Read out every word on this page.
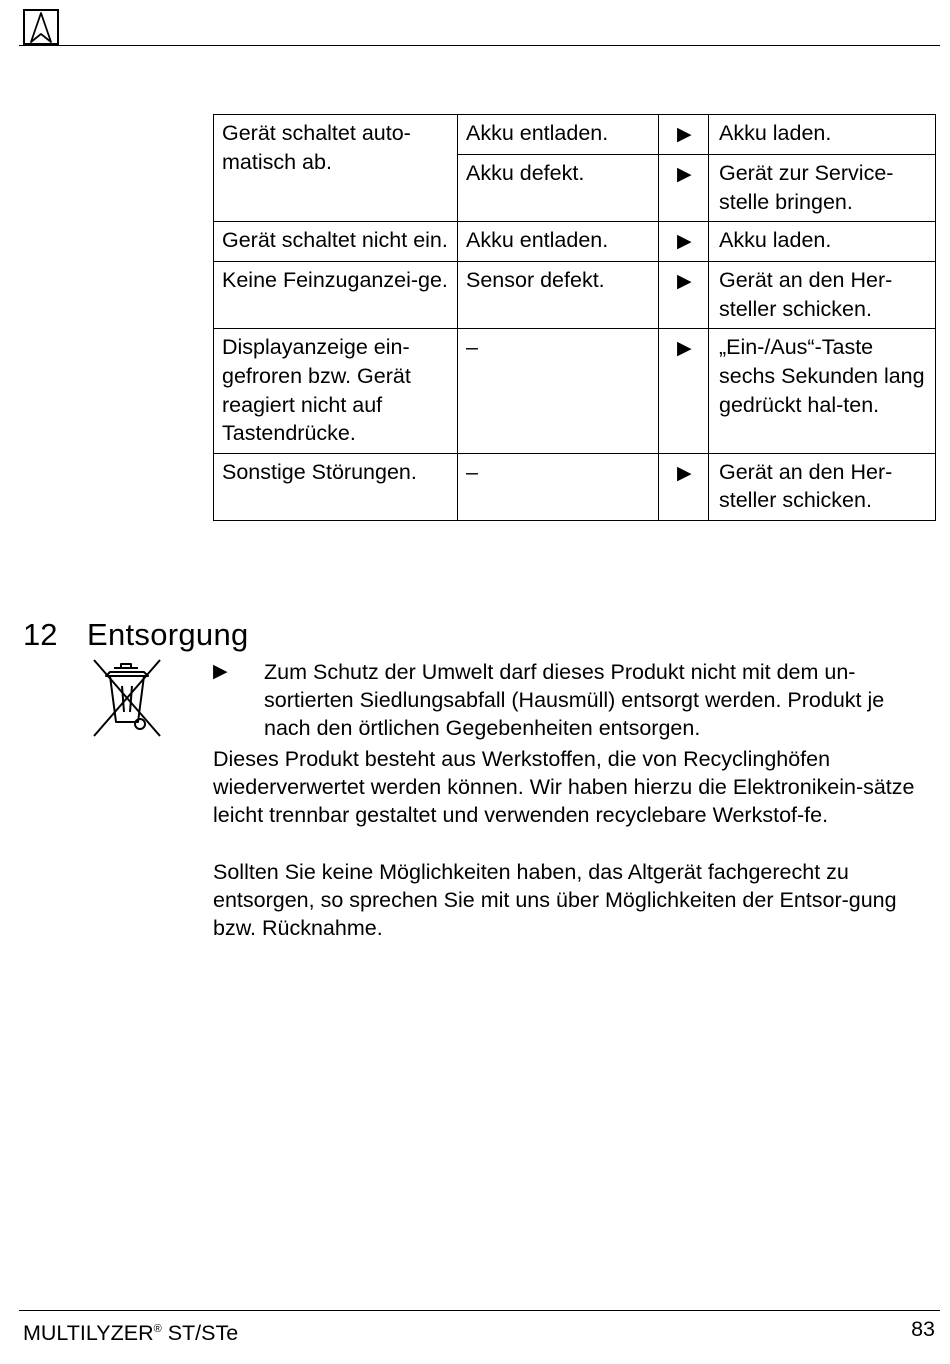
Gerät schaltet auto-matisch ab.	Akku entladen.	▶	Akku laden.
	Akku defekt.	▶	Gerät zur Service-stelle bringen.
Gerät schaltet nicht ein.	Akku entladen.	▶	Akku laden.
Keine Feinzuganzei-ge.	Sensor defekt.	▶	Gerät an den Her-steller schicken.
Displayanzeige ein-gefroren bzw. Gerät reagiert nicht auf Tastendrücke.	–	▶	„Ein-/Aus“-Taste sechs Sekunden lang gedrückt hal-ten.
Sonstige Störungen.	–	▶	Gerät an den Her-steller schicken.
12 Entsorgung
▶ Zum Schutz der Umwelt darf dieses Produkt nicht mit dem un-sortierten Siedlungsabfall (Hausmüll) entsorgt werden. Produkt je nach den örtlichen Gegebenheiten entsorgen.
Dieses Produkt besteht aus Werkstoffen, die von Recyclinghöfen wiederverwertet werden können. Wir haben hierzu die Elektronikein-sätze leicht trennbar gestaltet und verwenden recyclebare Werkstof-fe.
Sollten Sie keine Möglichkeiten haben, das Altgerät fachgerecht zu entsorgen, so sprechen Sie mit uns über Möglichkeiten der Entsor-gung bzw. Rücknahme.
MULTILYZER® ST/STe	83
